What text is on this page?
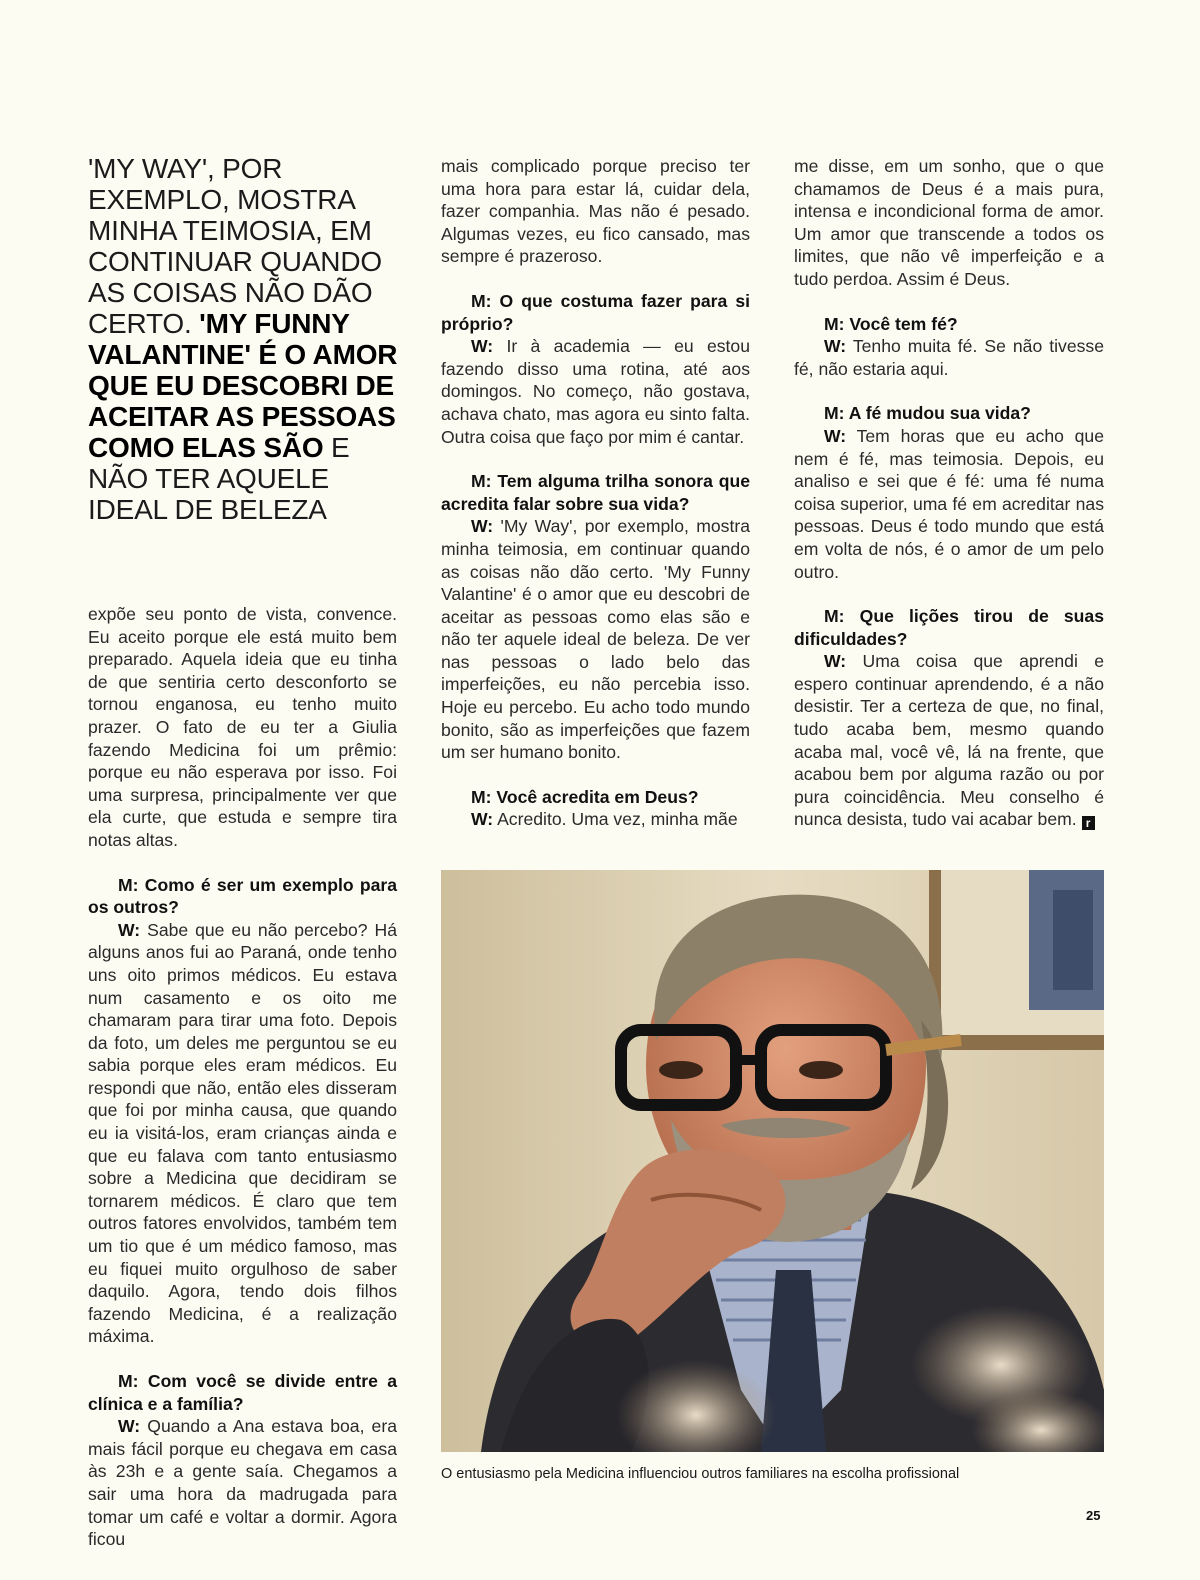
'MY WAY', POR EXEMPLO, MOSTRA MINHA TEIMOSIA, EM CONTINUAR QUANDO AS COISAS NÃO DÃO CERTO. 'MY FUNNY VALANTINE' É O AMOR QUE EU DESCOBRI DE ACEITAR AS PESSOAS COMO ELAS SÃO E NÃO TER AQUELE IDEAL DE BELEZA

expõe seu ponto de vista, convence. Eu aceito porque ele está muito bem preparado. Aquela ideia que eu tinha de que sentiria certo desconforto se tornou enganosa, eu tenho muito prazer. O fato de eu ter a Giulia fazendo Medicina foi um prêmio: porque eu não esperava por isso. Foi uma surpresa, principalmente ver que ela curte, que estuda e sempre tira notas altas.

M: Como é ser um exemplo para os outros?

W: Sabe que eu não percebo? Há alguns anos fui ao Paraná, onde tenho uns oito primos médicos. Eu estava num casamento e os oito me chamaram para tirar uma foto. Depois da foto, um deles me perguntou se eu sabia porque eles eram médicos. Eu respondi que não, então eles disseram que foi por minha causa, que quando eu ia visitá-los, eram crianças ainda e que eu falava com tanto entusiasmo sobre a Medicina que decidiram se tornarem médicos. É claro que tem outros fatores envolvidos, também tem um tio que é um médico famoso, mas eu fiquei muito orgulhoso de saber daquilo. Agora, tendo dois filhos fazendo Medicina, é a realização máxima.

M: Com você se divide entre a clínica e a família?

W: Quando a Ana estava boa, era mais fácil porque eu chegava em casa às 23h e a gente saía. Chegamos a sair uma hora da madrugada para tomar um café e voltar a dormir. Agora ficou

mais complicado porque preciso ter uma hora para estar lá, cuidar dela, fazer companhia. Mas não é pesado. Algumas vezes, eu fico cansado, mas sempre é prazeroso.

M: O que costuma fazer para si próprio?

W: Ir à academia — eu estou fazendo disso uma rotina, até aos domingos. No começo, não gostava, achava chato, mas agora eu sinto falta. Outra coisa que faço por mim é cantar.

M: Tem alguma trilha sonora que acredita falar sobre sua vida?

W: 'My Way', por exemplo, mostra minha teimosia, em continuar quando as coisas não dão certo. 'My Funny Valantine' é o amor que eu descobri de aceitar as pessoas como elas são e não ter aquele ideal de beleza. De ver nas pessoas o lado belo das imperfeições, eu não percebia isso. Hoje eu percebo. Eu acho todo mundo bonito, são as imperfeições que fazem um ser humano bonito.

M: Você acredita em Deus?

W: Acredito. Uma vez, minha mãe

me disse, em um sonho, que o que chamamos de Deus é a mais pura, intensa e incondicional forma de amor. Um amor que transcende a todos os limites, que não vê imperfeição e a tudo perdoa. Assim é Deus.

M: Você tem fé?

W: Tenho muita fé. Se não tivesse fé, não estaria aqui.

M: A fé mudou sua vida?

W: Tem horas que eu acho que nem é fé, mas teimosia. Depois, eu analiso e sei que é fé: uma fé numa coisa superior, uma fé em acreditar nas pessoas. Deus é todo mundo que está em volta de nós, é o amor de um pelo outro.

M: Que lições tirou de suas dificuldades?

W: Uma coisa que aprendi e espero continuar aprendendo, é a não desistir. Ter a certeza de que, no final, tudo acaba bem, mesmo quando acaba mal, você vê, lá na frente, que acabou bem por alguma razão ou por pura coincidência. Meu conselho é nunca desista, tudo vai acabar bem. r

O entusiasmo pela Medicina influenciou outros familiares na escolha profissional
25
